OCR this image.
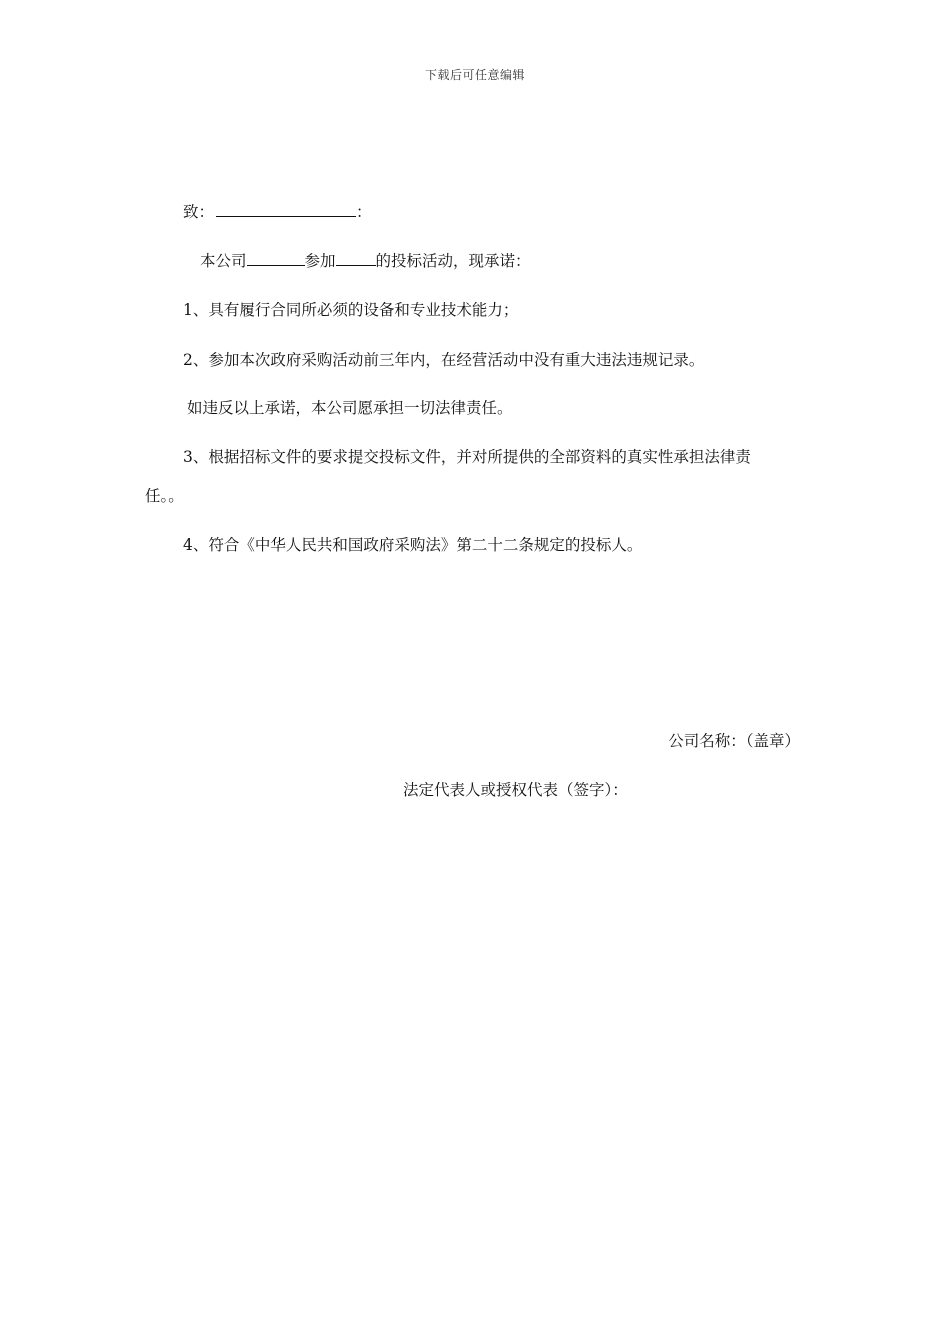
下载后可任意编辑
致：	：
本公司	参加	的投标活动，现承诺：
1、具有履行合同所必须的设备和专业技术能力；
2、参加本次政府采购活动前三年内，在经营活动中没有重大违法违规记录。
如违反以上承诺，本公司愿承担一切法律责任。
3、根据招标文件的要求提交投标文件，并对所提供的全部资料的真实性承担法律责
任。。
4、符合《中华人民共和国政府采购法》第二十二条规定的投标人。
公司名称：（盖章）
法定代表人或授权代表（签字）：
